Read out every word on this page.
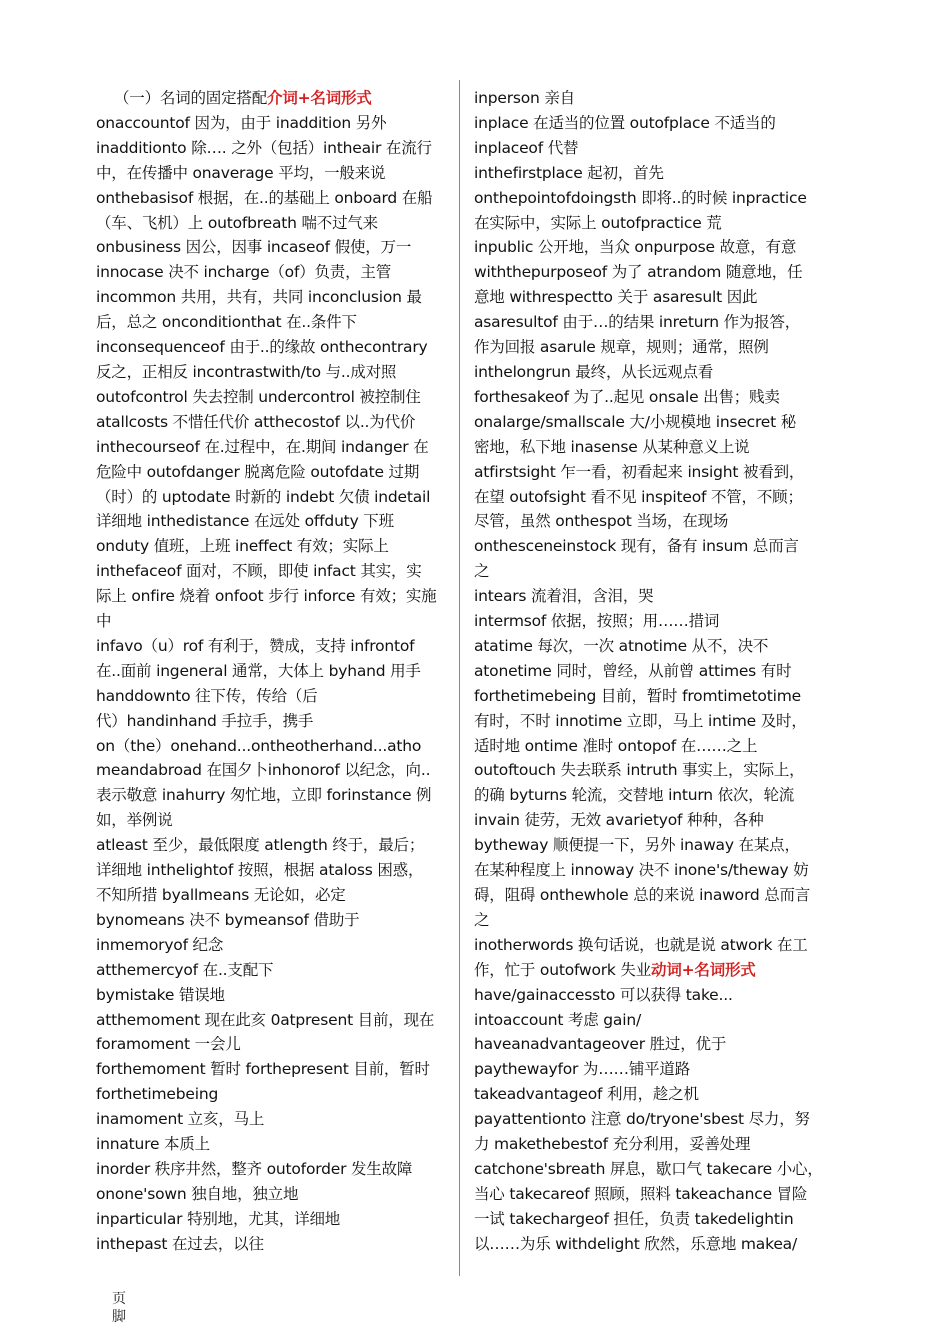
（一）名词的固定搭配介词+名词形式
onaccountof 因为，由于 inaddition 另外
inadditionto 除…. 之外（包括）intheair 在流行
中，在传播中 onaverage 平均，一般来说
onthebasisof 根据，在..的基础上 onboard 在船
（车、飞机）上 outofbreath 喘不过气来
onbusiness 因公，因事 incaseof 假使，万一
innocase 决不 incharge（of）负责，主管
incommon 共用，共有，共同 inconclusion 最
后，总之 onconditionthat 在..条件下
inconsequenceof 由于..的缘故 onthecontrary
反之，正相反 incontrastwith/to 与..成对照
outofcontrol 失去控制 undercontrol 被控制住
atallcosts 不惜任代价 atthecostof 以..为代价
inthecourseof 在.过程中，在.期间 indanger 在
危险中 outofdanger 脱离危险 outofdate 过期
（时）的 uptodate 时新的 indebt 欠债 indetail
详细地 inthedistance 在远处 offduty 下班
onduty 值班，上班 ineffect 有效；实际上
inthefaceof 面对，不顾，即使 infact 其实，实
际上 onfire 烧着 onfoot 步行 inforce 有效；实施
中
infavo（u）rof 有利于，赞成，支持 infrontof
在..面前 ingeneral 通常，大体上 byhand 用手
handdownto 往下传，传给（后
代）handinhand 手拉手，携手
on（the）onehand...ontheotherhand...atho
meandabroad 在国夕卜inhonorof 以纪念，向..
表示敬意 inahurry 匆忙地，立即 forinstance 例
如，举例说
atleast 至少，最低限度 atlength 终于，最后；
详细地 inthelightof 按照，根据 ataloss 困惑，
不知所措 byallmeans 无论如，必定
bynomeans 决不 bymeansof 借助于
inmemoryof 纪念
atthemercyof 在..支配下
bymistake 错误地
atthemoment 现在此亥 0atpresent 目前，现在
foramoment 一会儿
forthemoment 暂时 forthepresent 目前，暂时
forthetimebeing
inamoment 立亥，马上
innature 本质上
inorder 秩序井然，整齐 outoforder 发生故障
onone'sown 独自地，独立地
inparticular 特别地，尤其，详细地
inthepast 在过去，以往
inperson 亲自
inplace 在适当的位置 outofplace 不适当的
inplaceof 代替
inthefirstplace 起初，首先
onthepointofdoingsth 即将..的时候 inpractice
在实际中，实际上 outofpractice 荒
inpublic 公开地，当众 onpurpose 故意，有意
withthepurposeof 为了 atrandom 随意地，任
意地 withrespectto 关于 asaresult 因此
asaresultof 由于…的结果 inreturn 作为报答，
作为回报 asarule 规章，规则；通常，照例
inthelongrun 最终，从长远观点看
forthesakeof 为了..起见 onsale 出售；贱卖
onalarge/smallscale 大/小规模地 insecret 秘
密地，私下地 inasense 从某种意义上说
atfirstsight 乍一看，初看起来 insight 被看到，
在望 outofsight 看不见 inspiteof 不管，不顾；
尽管，虽然 onthespot 当场，在现场
onthesceneinstock 现有，备有 insum 总而言
之
intears 流着泪，含泪，哭
intermsof 依据，按照；用……措词
atatime 每次，一次 atnotime 从不，决不
atonetime 同时，曾经，从前曾 attimes 有时
forthetimebeing 目前，暂时 fromtimetotime
有时，不时 innotime 立即，马上 intime 及时，
适时地 ontime 准时 ontopof 在……之上
outoftouch 失去联系 intruth 事实上，实际上，
的确 byturns 轮流，交替地 inturn 依次，轮流
invain 徒劳，无效 avarietyof 种种，各种
bytheway 顺便提一下，另外 inaway 在某点，
在某种程度上 innoway 决不 inone's/theway 妨
碍，阻碍 onthewhole 总的来说 inaword 总而言
之
inotherwords 换句话说，也就是说 atwork 在工
作，忙于 outofwork 失业动词+名词形式
have/gainaccessto 可以获得 take...
intoaccount 考虑 gain/
haveanadvantageover 胜过，优于
paythewayfor 为……铺平道路
takeadvantageof 利用，趁之机
payattentionto 注意 do/tryone'sbest 尽力，努
力 makethebestof 充分利用，妥善处理
catchone'sbreath 屏息，歇口气 takecare 小心，
当心 takecareof 照顾，照料 takeachance 冒险
一试 takechargeof 担任，负责 takedelightin
以……为乐 withdelight 欣然，乐意地 makea/
页
脚
